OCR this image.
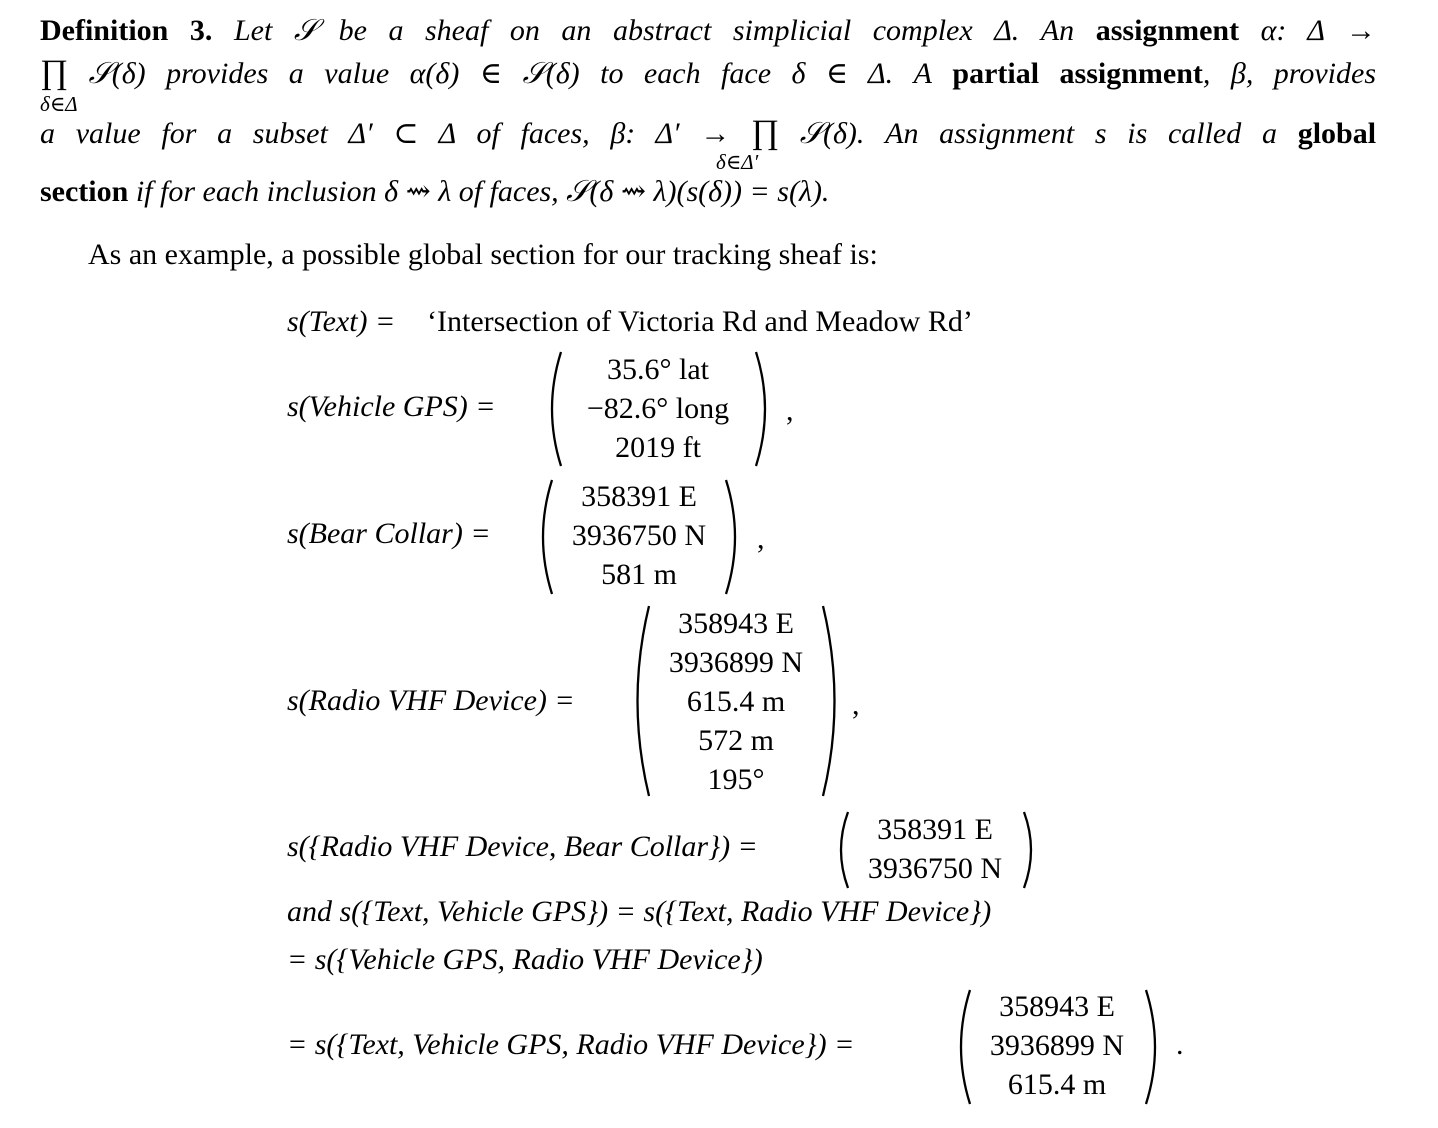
Definition 3. Let 𝒮 be a sheaf on an abstract simplicial complex Δ. An assignment α: Δ →
∏ 𝒮(δ) provides a value α(δ) ∈ 𝒮(δ) to each face δ ∈ Δ. A partial assignment, β, provides
δ∈Δ
a value for a subset Δ′ ⊂ Δ of faces, β: Δ′ → ∏ 𝒮(δ). An assignment s is called a global
δ∈Δ′
section if for each inclusion δ ⇝ λ of faces, 𝒮(δ ⇝ λ)(s(δ)) = s(λ).
As an example, a possible global section for our tracking sheaf is:
s(Text) = ‘Intersection of Victoria Rd and Meadow Rd’
s(Vehicle GPS) =
35.6° lat
−82.6° long
2019 ft
,
s(Bear Collar) =
358391 E
3936750 N
581 m
,
s(Radio VHF Device) =
358943 E
3936899 N
615.4 m
572 m
195°
,
s({Radio VHF Device, Bear Collar}) =
358391 E
3936750 N
and s({Text, Vehicle GPS}) = s({Text, Radio VHF Device})
= s({Vehicle GPS, Radio VHF Device})
= s({Text, Vehicle GPS, Radio VHF Device}) =
358943 E
3936899 N
615.4 m
.
